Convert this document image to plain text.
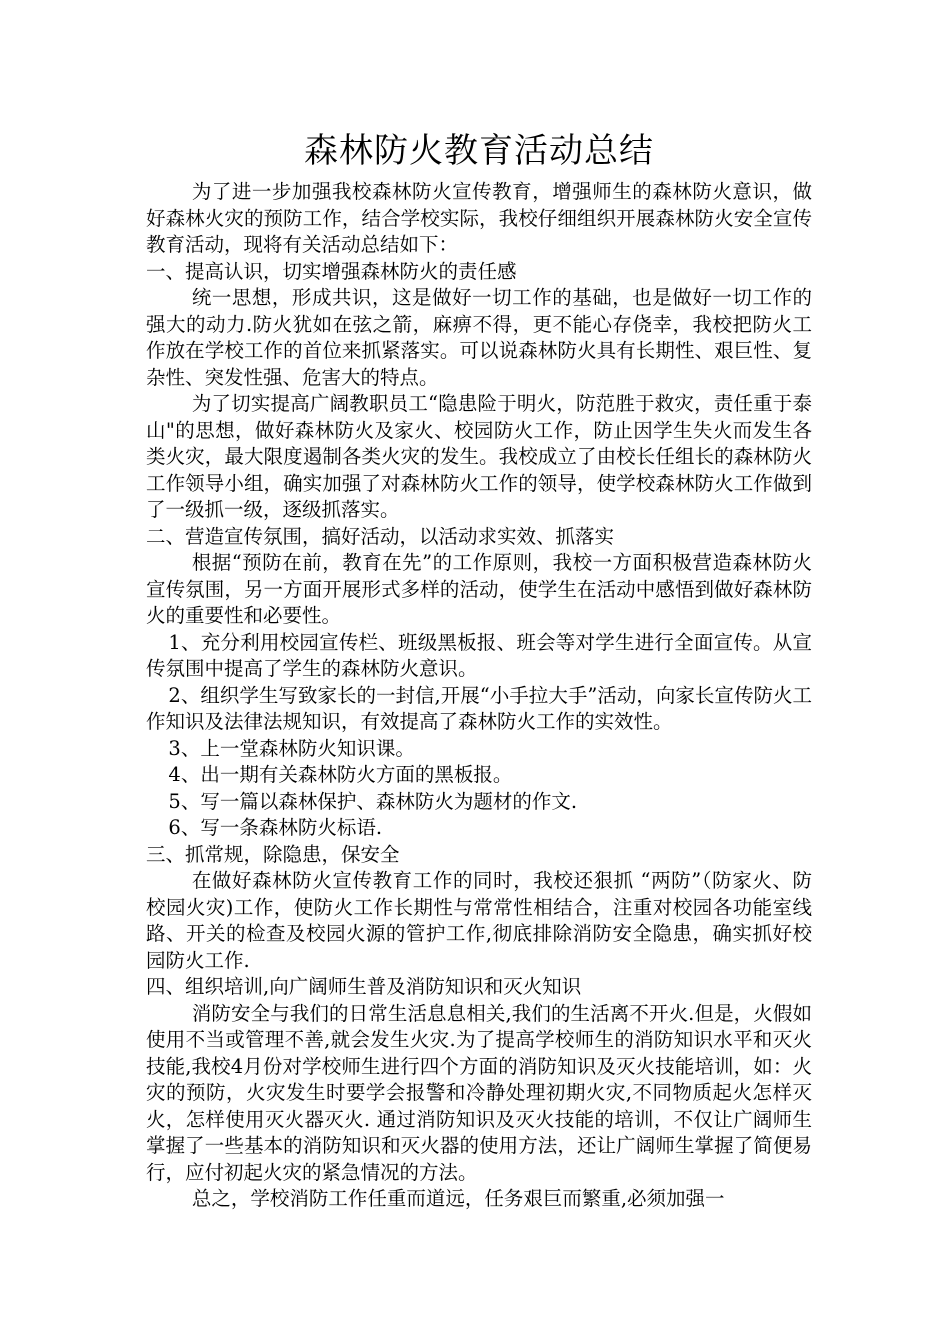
森林防火教育活动总结

为了进一步加强我校森林防火宣传教育，增强师生的森林防火意识，做好森林火灾的预防工作，结合学校实际，我校仔细组织开展森林防火安全宣传教育活动，现将有关活动总结如下：

一、提高认识，切实增强森林防火的责任感

统一思想，形成共识，这是做好一切工作的基础，也是做好一切工作的强大的动力.防火犹如在弦之箭，麻痹不得，更不能心存侥幸，我校把防火工作放在学校工作的首位来抓紧落实。可以说森林防火具有长期性、艰巨性、复杂性、突发性强、危害大的特点。

为了切实提高广阔教职员工“隐患险于明火，防范胜于救灾，责任重于泰山"的思想，做好森林防火及家火、校园防火工作，防止因学生失火而发生各类火灾，最大限度遏制各类火灾的发生。我校成立了由校长任组长的森林防火工作领导小组，确实加强了对森林防火工作的领导，使学校森林防火工作做到了一级抓一级，逐级抓落实。

二、营造宣传氛围，搞好活动，以活动求实效、抓落实

根据“预防在前，教育在先”的工作原则，我校一方面积极营造森林防火宣传氛围，另一方面开展形式多样的活动，使学生在活动中感悟到做好森林防火的重要性和必要性。

1、充分利用校园宣传栏、班级黑板报、班会等对学生进行全面宣传。从宣传氛围中提高了学生的森林防火意识。

2、组织学生写致家长的一封信,开展“小手拉大手”活动，向家长宣传防火工作知识及法律法规知识，有效提高了森林防火工作的实效性。

3、上一堂森林防火知识课。

4、出一期有关森林防火方面的黑板报。

5、写一篇以森林保护、森林防火为题材的作文.

6、写一条森林防火标语.

三、抓常规，除隐患，保安全

在做好森林防火宣传教育工作的同时，我校还狠抓 “两防”（防家火、防校园火灾)工作，使防火工作长期性与常常性相结合，注重对校园各功能室线路、开关的检查及校园火源的管护工作,彻底排除消防安全隐患，确实抓好校园防火工作.

四、组织培训,向广阔师生普及消防知识和灭火知识

消防安全与我们的日常生活息息相关,我们的生活离不开火.但是，火假如使用不当或管理不善,就会发生火灾.为了提高学校师生的消防知识水平和灭火技能,我校4月份对学校师生进行四个方面的消防知识及灭火技能培训，如：火灾的预防，火灾发生时要学会报警和冷静处理初期火灾,不同物质起火怎样灭火，怎样使用灭火器灭火. 通过消防知识及灭火技能的培训，不仅让广阔师生掌握了一些基本的消防知识和灭火器的使用方法，还让广阔师生掌握了简便易行，应付初起火灾的紧急情况的方法。

总之，学校消防工作任重而道远，任务艰巨而繁重,必须加强一
